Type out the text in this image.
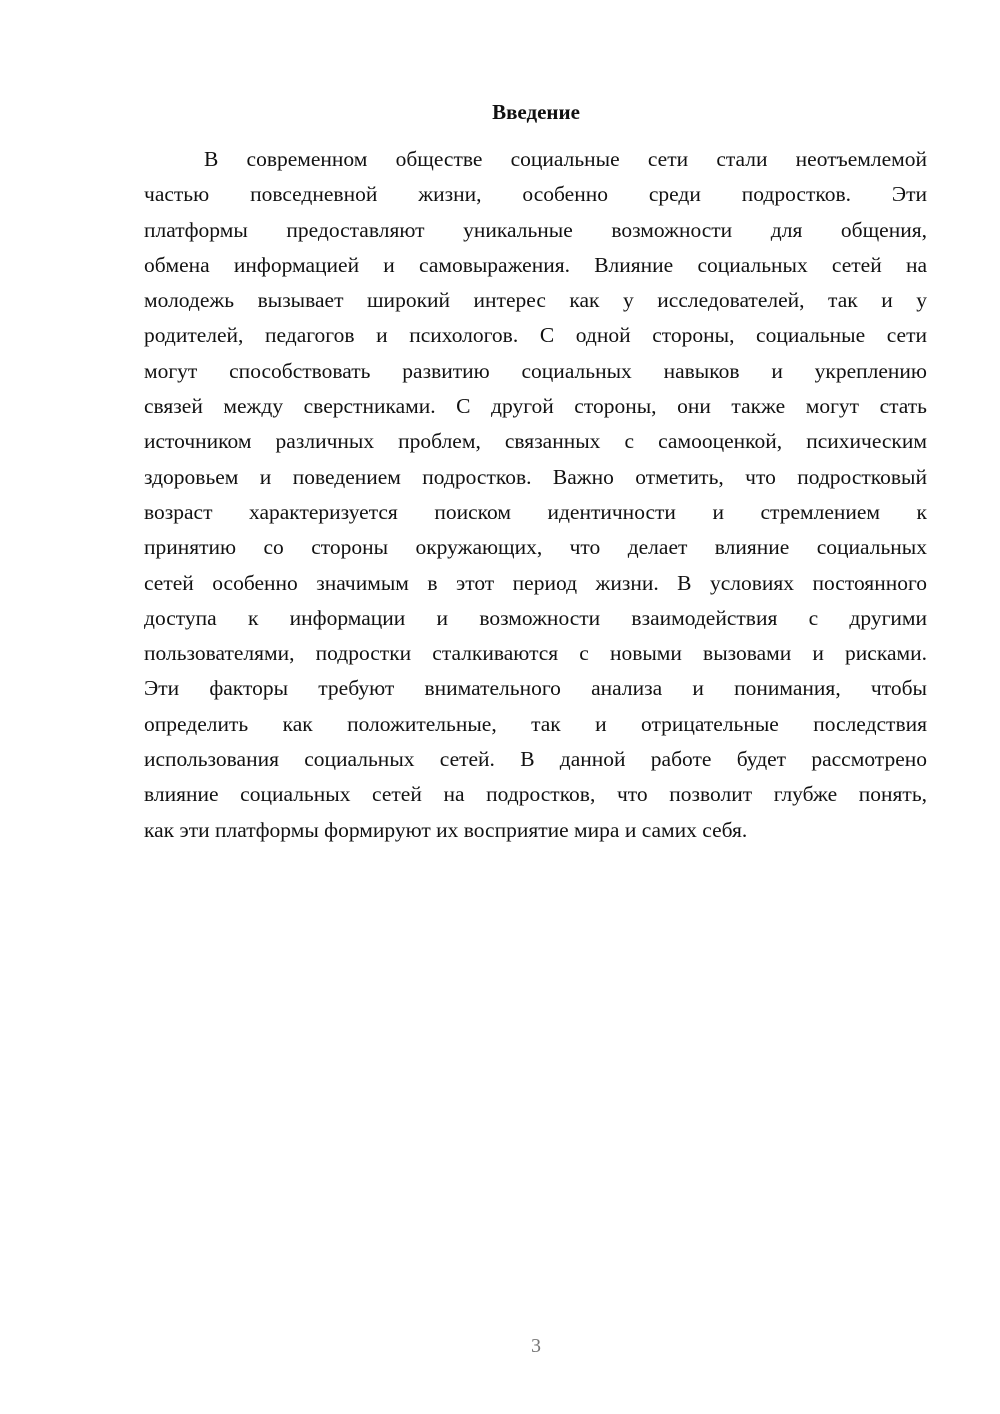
Введение
В современном обществе социальные сети стали неотъемлемой
частью повседневной жизни, особенно среди подростков. Эти
платформы предоставляют уникальные возможности для общения,
обмена информацией и самовыражения. Влияние социальных сетей на
молодежь вызывает широкий интерес как у исследователей, так и у
родителей, педагогов и психологов. С одной стороны, социальные сети
могут способствовать развитию социальных навыков и укреплению
связей между сверстниками. С другой стороны, они также могут стать
источником различных проблем, связанных с самооценкой, психическим
здоровьем и поведением подростков. Важно отметить, что подростковый
возраст характеризуется поиском идентичности и стремлением к
принятию со стороны окружающих, что делает влияние социальных
сетей особенно значимым в этот период жизни. В условиях постоянного
доступа к информации и возможности взаимодействия с другими
пользователями, подростки сталкиваются с новыми вызовами и рисками.
Эти факторы требуют внимательного анализа и понимания, чтобы
определить как положительные, так и отрицательные последствия
использования социальных сетей. В данной работе будет рассмотрено
влияние социальных сетей на подростков, что позволит глубже понять,
как эти платформы формируют их восприятие мира и самих себя.
3
